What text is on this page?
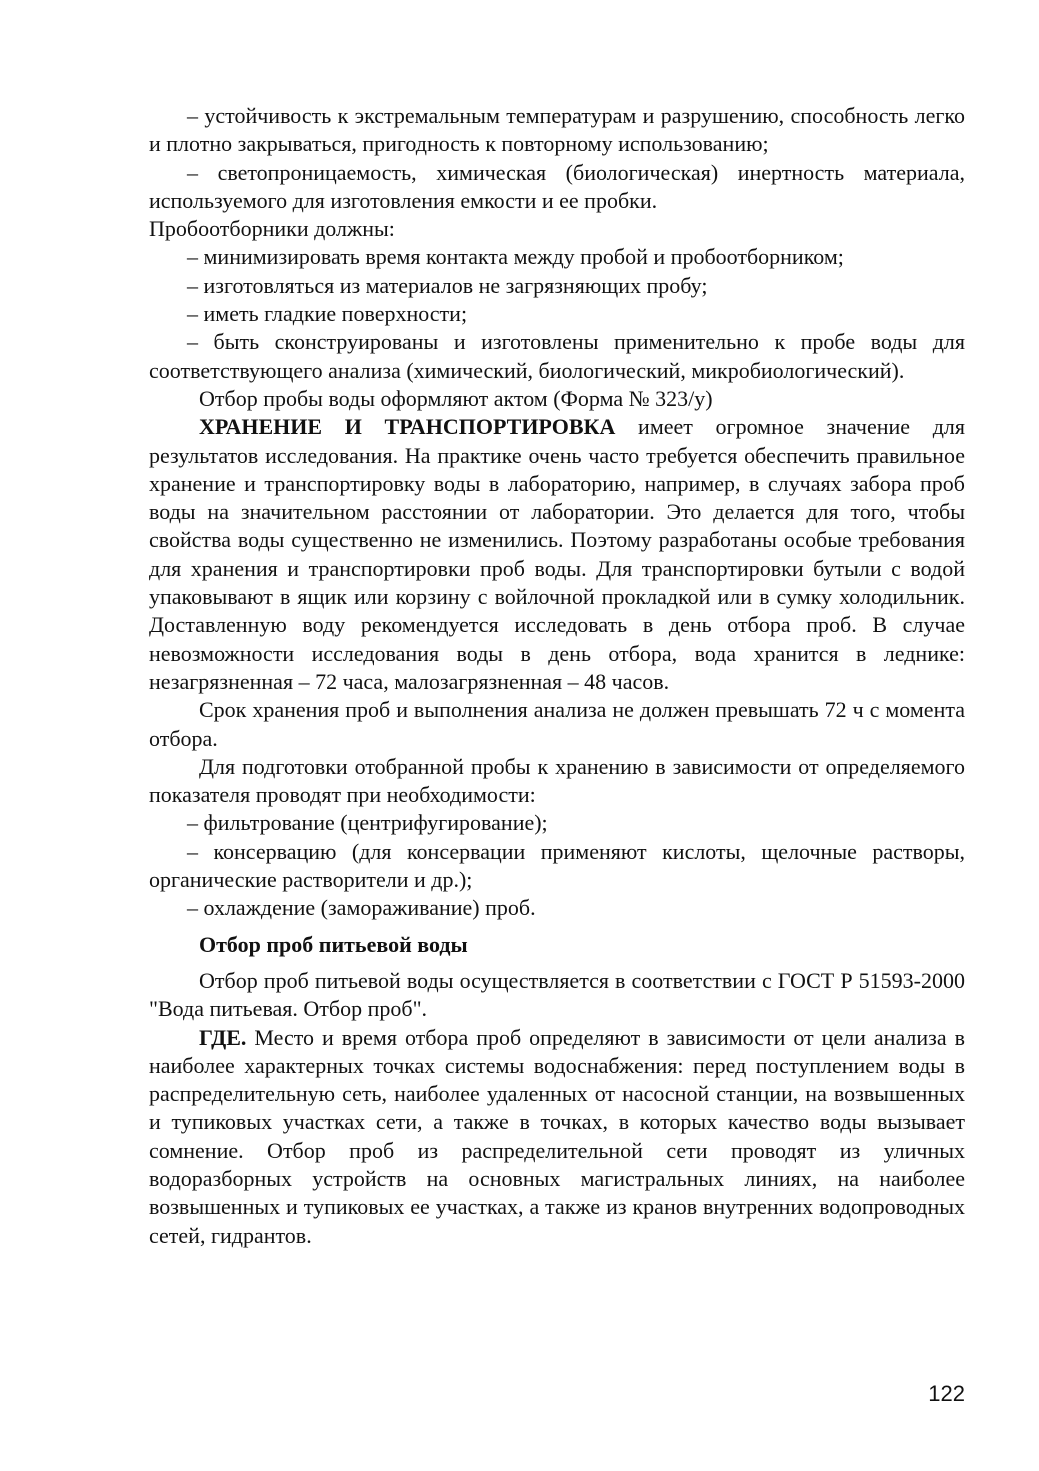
– устойчивость к экстремальным температурам и разрушению, способность легко и плотно закрываться, пригодность к повторному использованию;

– светопроницаемость, химическая (биологическая) инертность материала, используемого для изготовления емкости и ее пробки.

Пробоотборники должны:

– минимизировать время контакта между пробой и пробоотборником;

– изготовляться из материалов не загрязняющих пробу;

– иметь гладкие поверхности;

– быть сконструированы и изготовлены применительно к пробе воды для соответствующего анализа (химический, биологический, микробиологический).

Отбор пробы воды оформляют актом (Форма № 323/у)

ХРАНЕНИЕ И ТРАНСПОРТИРОВКА имеет огромное значение для результатов исследования. На практике очень часто требуется обеспечить правильное хранение и транспортировку воды в лабораторию, например, в случаях забора проб воды на значительном расстоянии от лаборатории. Это делается для того, чтобы свойства воды существенно не изменились. Поэтому разработаны особые требования для хранения и транспортировки проб воды. Для транспортировки бутыли с водой упаковывают в ящик или корзину с войлочной прокладкой или в сумку холодильник. Доставленную воду рекомендуется исследовать в день отбора проб. В случае невозможности исследования воды в день отбора, вода хранится в леднике: незагрязненная – 72 часа, малозагрязненная – 48 часов.

Срок хранения проб и выполнения анализа не должен превышать 72 ч с момента отбора.

Для подготовки отобранной пробы к хранению в зависимости от определяемого показателя проводят при необходимости:

– фильтрование (центрифугирование);

– консервацию (для консервации применяют кислоты, щелочные растворы, органические растворители и др.);

– охлаждение (замораживание) проб.

Отбор проб питьевой воды

Отбор проб питьевой воды осуществляется в соответствии с ГОСТ Р 51593-2000 "Вода питьевая. Отбор проб".

ГДЕ. Место и время отбора проб определяют в зависимости от цели анализа в наиболее характерных точках системы водоснабжения: перед поступлением воды в распределительную сеть, наиболее удаленных от насосной станции, на возвышенных и тупиковых участках сети, а также в точках, в которых качество воды вызывает сомнение. Отбор проб из распределительной сети проводят из уличных водоразборных устройств на основных магистральных линиях, на наиболее возвышенных и тупиковых ее участках, а также из кранов внутренних водопроводных сетей, гидрантов.

122
